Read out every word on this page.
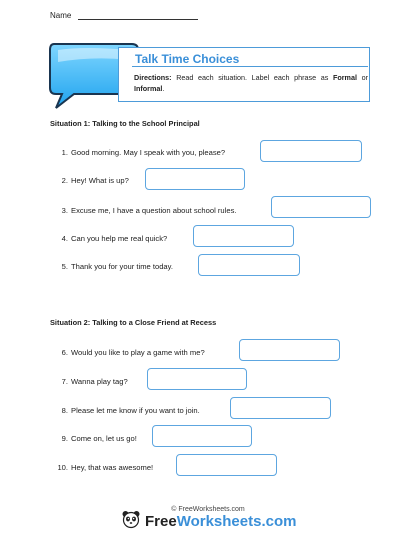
Name
Talk Time Choices
Directions: Read each situation. Label each phrase as Formal or Informal.
Situation 1: Talking to the School Principal
1. Good morning. May I speak with you, please?
2. Hey! What is up?
3. Excuse me, I have a question about school rules.
4. Can you help me real quick?
5. Thank you for your time today.
Situation 2: Talking to a Close Friend at Recess
6. Would you like to play a game with me?
7. Wanna play tag?
8. Please let me know if you want to join.
9. Come on, let us go!
10. Hey, that was awesome!
© FreeWorksheets.com
FreeWorksheets.com
